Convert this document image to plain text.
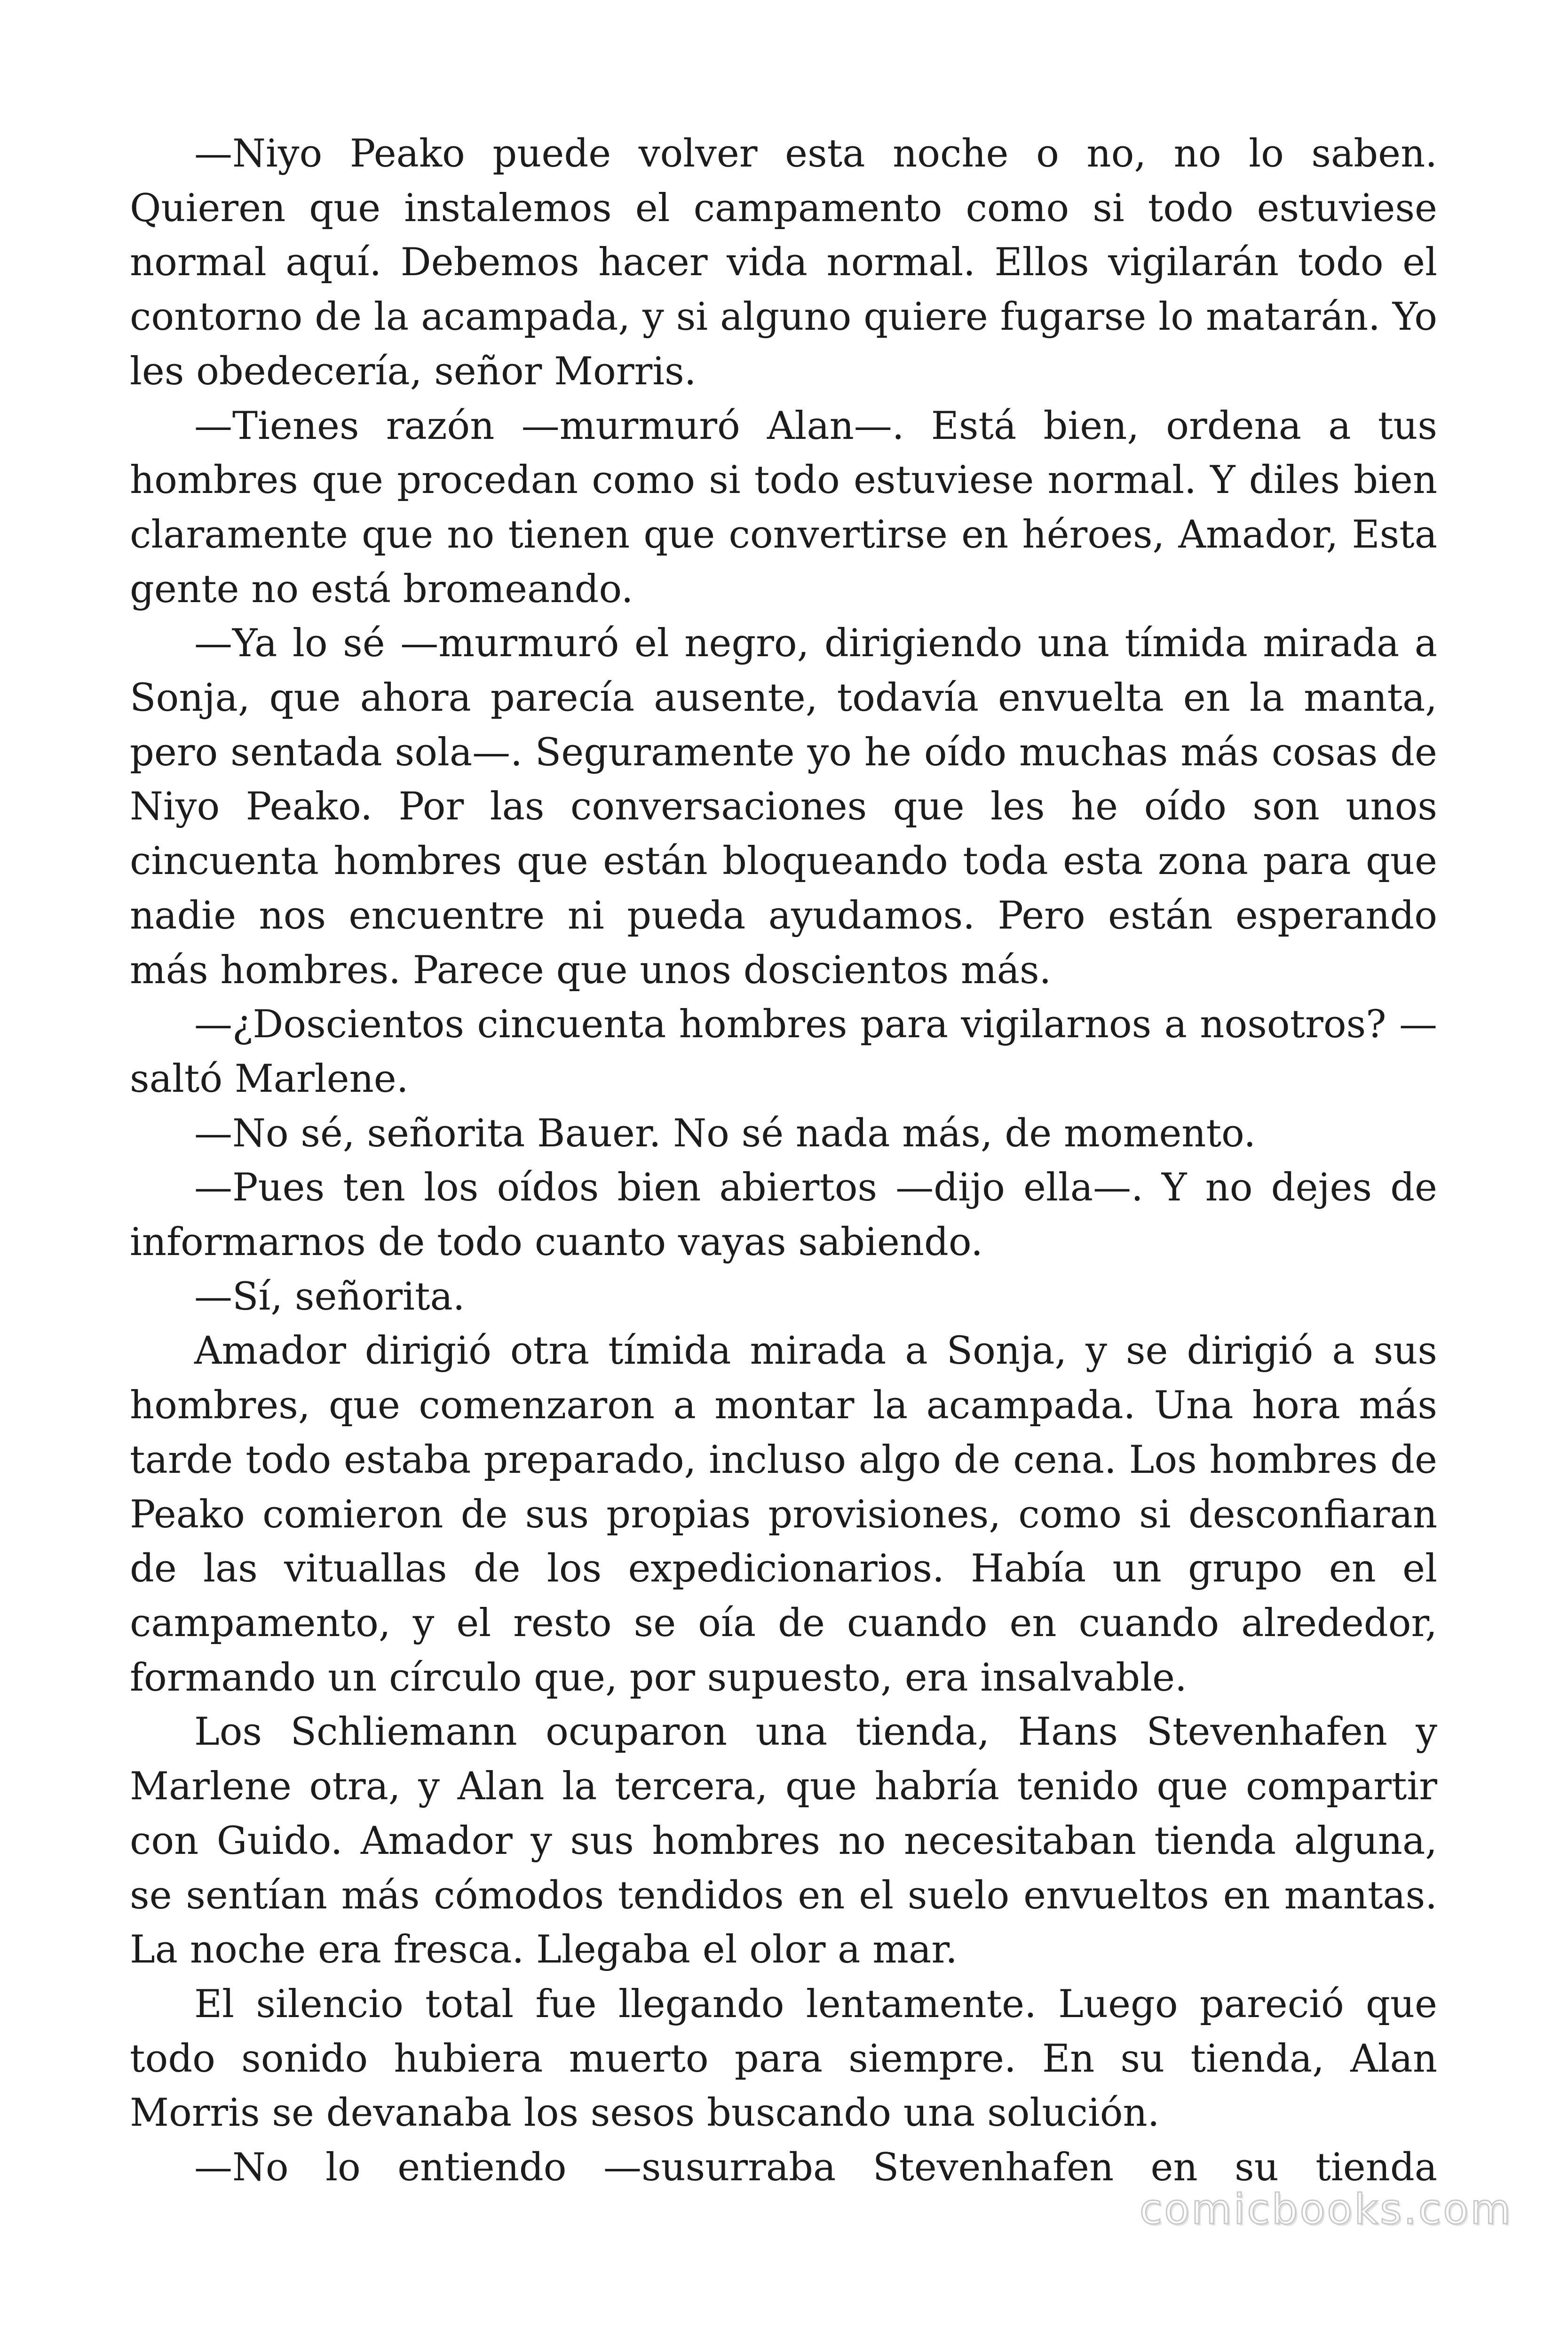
—Niyo Peako puede volver esta noche o no, no lo saben. Quieren que instalemos el campamento como si todo estuviese normal aquí. Debemos hacer vida normal. Ellos vigilarán todo el contorno de la acampada, y si alguno quiere fugarse lo matarán. Yo les obedecería, señor Morris.

—Tienes razón —murmuró Alan—. Está bien, ordena a tus hombres que procedan como si todo estuviese normal. Y diles bien claramente que no tienen que convertirse en héroes, Amador, Esta gente no está bromeando.

—Ya lo sé —murmuró el negro, dirigiendo una tímida mirada a Sonja, que ahora parecía ausente, todavía envuelta en la manta, pero sentada sola—. Seguramente yo he oído muchas más cosas de Niyo Peako. Por las conversaciones que les he oído son unos cincuenta hombres que están bloqueando toda esta zona para que nadie nos encuentre ni pueda ayudamos. Pero están esperando más hombres. Parece que unos doscientos más.

—¿Doscientos cincuenta hombres para vigilarnos a nosotros? —saltó Marlene.

—No sé, señorita Bauer. No sé nada más, de momento.

—Pues ten los oídos bien abiertos —dijo ella—. Y no dejes de informarnos de todo cuanto vayas sabiendo.

—Sí, señorita.

Amador dirigió otra tímida mirada a Sonja, y se dirigió a sus hombres, que comenzaron a montar la acampada. Una hora más tarde todo estaba preparado, incluso algo de cena. Los hombres de Peako comieron de sus propias provisiones, como si desconfiaran de las vituallas de los expedicionarios. Había un grupo en el campamento, y el resto se oía de cuando en cuando alrededor, formando un círculo que, por supuesto, era insalvable.

Los Schliemann ocuparon una tienda, Hans Stevenhafen y Marlene otra, y Alan la tercera, que habría tenido que compartir con Guido. Amador y sus hombres no necesitaban tienda alguna, se sentían más cómodos tendidos en el suelo envueltos en mantas. La noche era fresca. Llegaba el olor a mar.

El silencio total fue llegando lentamente. Luego pareció que todo sonido hubiera muerto para siempre. En su tienda, Alan Morris se devanaba los sesos buscando una solución.

—No lo entiendo —susurraba Stevenhafen en su tienda

comicbooks.com
